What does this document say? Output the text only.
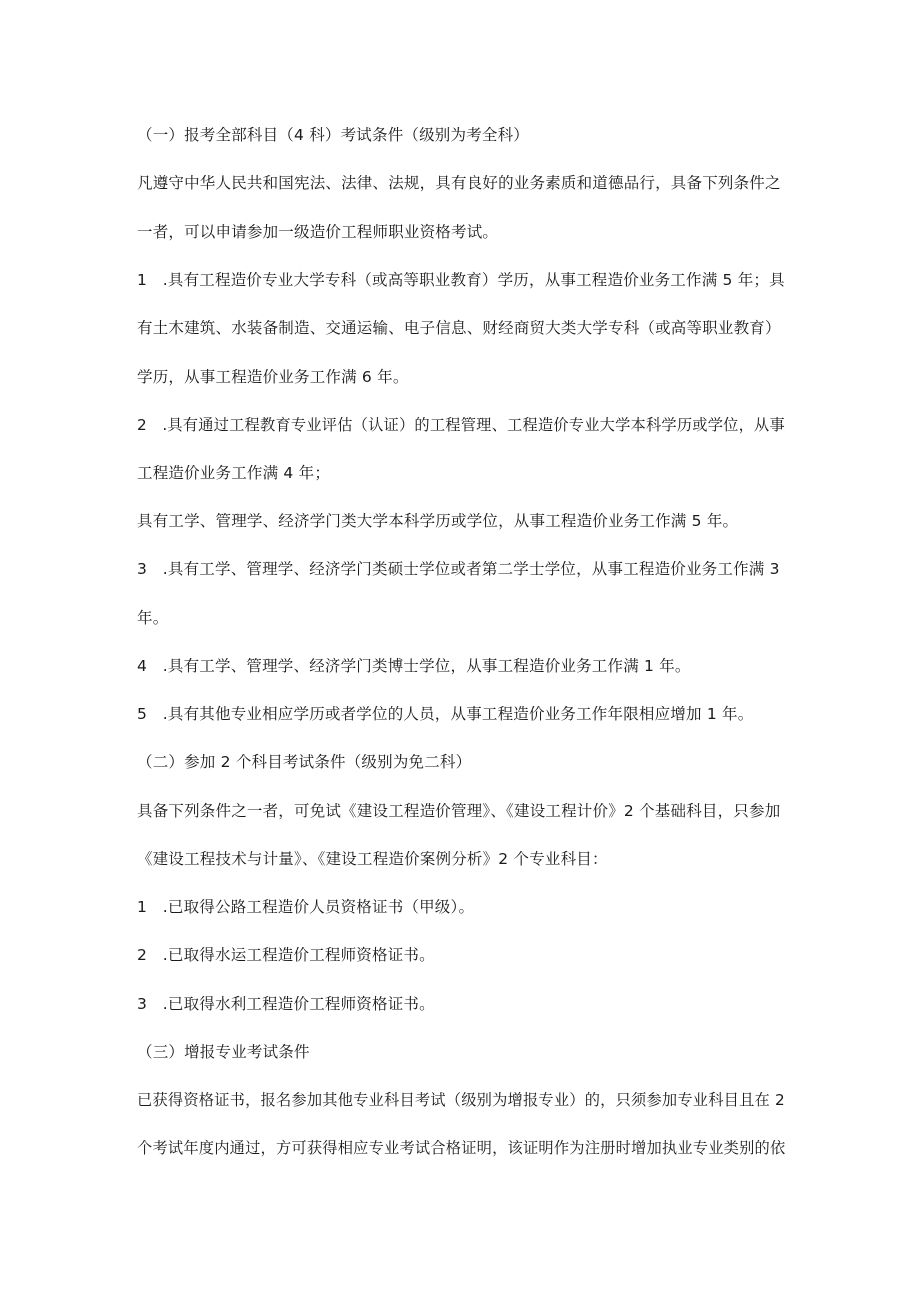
（一）报考全部科目（4 科）考试条件（级别为考全科）
凡遵守中华人民共和国宪法、法律、法规，具有良好的业务素质和道德品行，具备下列条件之
一者，可以申请参加一级造价工程师职业资格考试。
1　.具有工程造价专业大学专科（或高等职业教育）学历，从事工程造价业务工作满 5 年；具
有土木建筑、水装备制造、交通运输、电子信息、财经商贸大类大学专科（或高等职业教育）
学历，从事工程造价业务工作满 6 年。
2　.具有通过工程教育专业评估（认证）的工程管理、工程造价专业大学本科学历或学位，从事
工程造价业务工作满 4 年；
具有工学、管理学、经济学门类大学本科学历或学位，从事工程造价业务工作满 5 年。
3　.具有工学、管理学、经济学门类硕士学位或者第二学士学位，从事工程造价业务工作满 3
年。
4　.具有工学、管理学、经济学门类博士学位，从事工程造价业务工作满 1 年。
5　.具有其他专业相应学历或者学位的人员，从事工程造价业务工作年限相应增加 1 年。
（二）参加 2 个科目考试条件（级别为免二科）
具备下列条件之一者，可免试《建设工程造价管理》、《建设工程计价》2 个基础科目，只参加
《建设工程技术与计量》、《建设工程造价案例分析》2 个专业科目：
1　.已取得公路工程造价人员资格证书（甲级）。
2　.已取得水运工程造价工程师资格证书。
3　.已取得水利工程造价工程师资格证书。
（三）增报专业考试条件
已获得资格证书，报名参加其他专业科目考试（级别为增报专业）的，只须参加专业科目且在 2
个考试年度内通过，方可获得相应专业考试合格证明，该证明作为注册时增加执业专业类别的依
